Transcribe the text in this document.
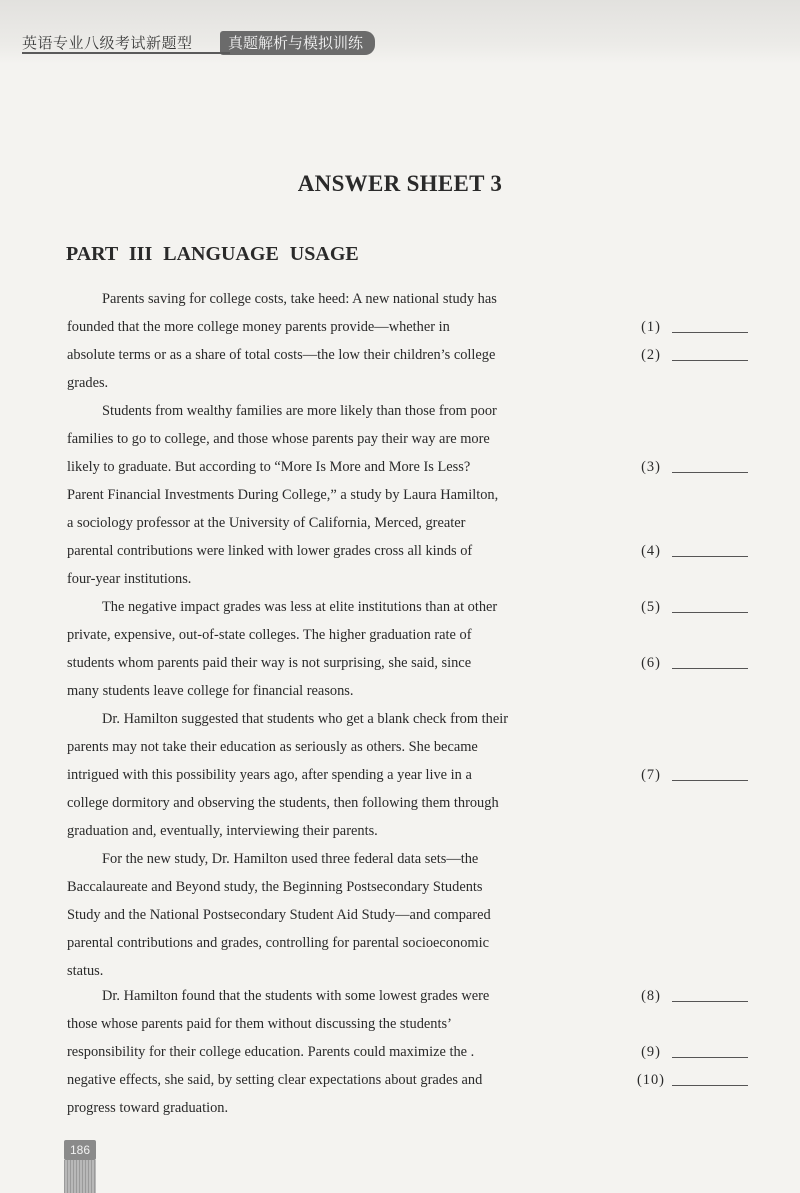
英语专业八级考试新题型	真题解析与模拟训练
ANSWER SHEET 3
PART III LANGUAGE USAGE
Parents saving for college costs, take heed: A new national study has
founded that the more college money parents provide—whether in
absolute terms or as a share of total costs—the low their children’s college
grades.
Students from wealthy families are more likely than those from poor
families to go to college, and those whose parents pay their way are more
likely to graduate. But according to “More Is More and More Is Less?
Parent Financial Investments During College,” a study by Laura Hamilton,
a sociology professor at the University of California, Merced, greater
parental contributions were linked with lower grades cross all kinds of
four-year institutions.
The negative impact grades was less at elite institutions than at other
private, expensive, out-of-state colleges. The higher graduation rate of
students whom parents paid their way is not surprising, she said, since
many students leave college for financial reasons.
Dr. Hamilton suggested that students who get a blank check from their
parents may not take their education as seriously as others. She became
intrigued with this possibility years ago, after spending a year live in a
college dormitory and observing the students, then following them through
graduation and, eventually, interviewing their parents.
For the new study, Dr. Hamilton used three federal data sets—the
Baccalaureate and Beyond study, the Beginning Postsecondary Students
Study and the National Postsecondary Student Aid Study—and compared
parental contributions and grades, controlling for parental socioeconomic
status.
Dr. Hamilton found that the students with some lowest grades were
those whose parents paid for them without discussing the students’
responsibility for their college education. Parents could maximize the .
negative effects, she said, by setting clear expectations about grades and
progress toward graduation.
(1)
(2)
(3)
(4)
(5)
(6)
(7)
(8)
(9)
(10)
186
